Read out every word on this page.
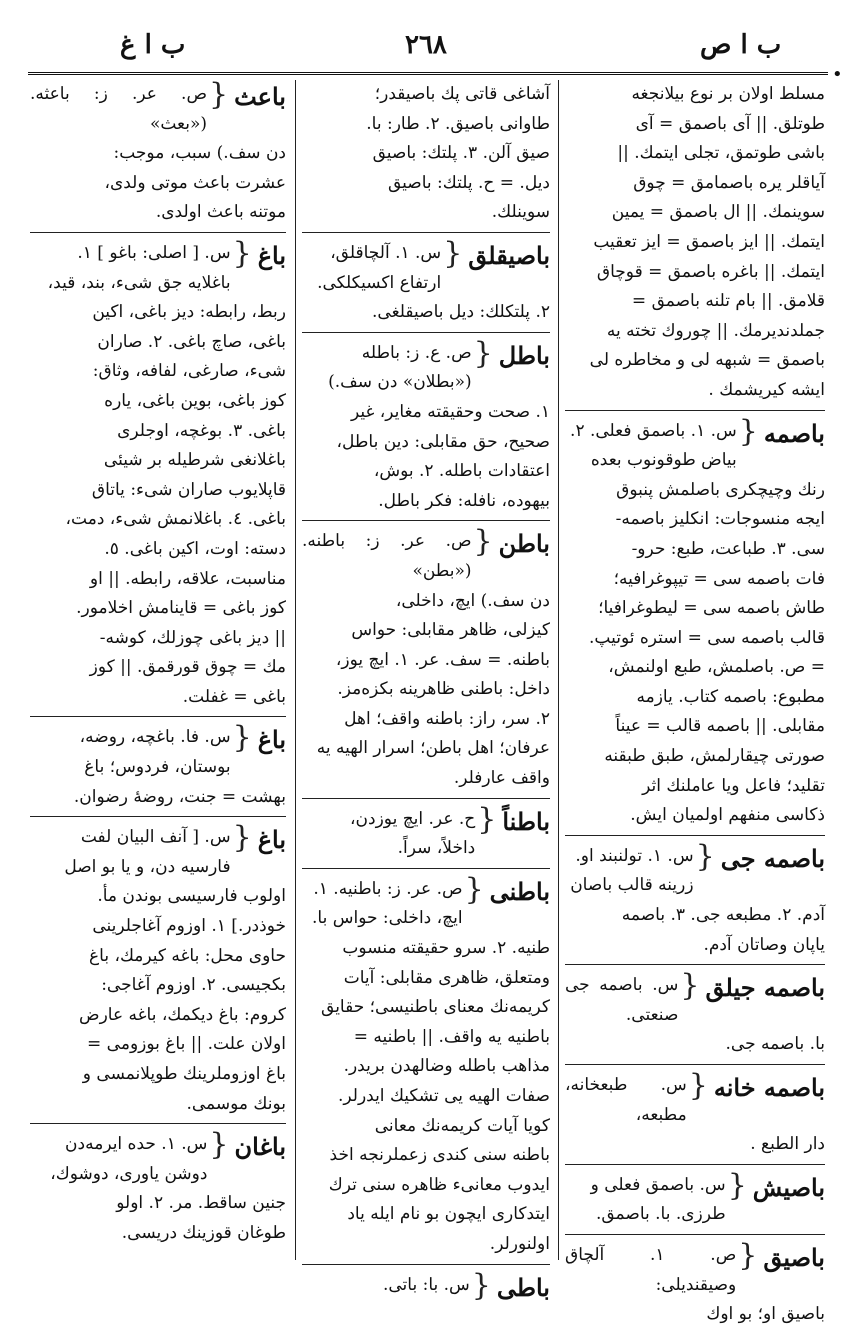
ب ا غ	٢٦٨	ب ا ص
•
مسلط اولان بر نوع بیلانجغه
طوتلق. || آی باصمق = آی
باشی طوتمق، تجلی ایتمك. ||
آیاقلر یره باصمامق = چوق
سوینمك. || ال باصمق = یمین
ایتمك. || ایز باصمق = ایز تعقیب
ایتمك. || باغره باصمق = قوچاق
قلامق. || بام تلنه باصمق =
جملدندیرمك. || چوروك تخته یه
باصمق = شبهه لی و مخاطره لی
ایشه کیریشمك .
باصمه
{
س. ١. باصمق فعلی. ٢.
بیاض طوقونوب بعده
رنك وچیچکری باصلمش پنبوق
ایجه منسوجات: انکلیز باصمه-
سی. ٣. طباعت، طبع: حرو-
فات باصمه سی = تیپوغرافیه؛
طاش باصمه سی = لیطوغرافیا؛
قالب باصمه سی = استره ئوتیپ.
= ص. باصلمش، طبع اولنمش،
مطبوع: باصمه کتاب. یازمه
مقابلی. || باصمه قالب = عیناً
صورتی چیقارلمش، طبق طبقنه
تقلید؛ فاعل ویا عاملنك اثر
ذکاسی منفهم اولمیان ایش.
باصمه جی
{
س. ١. تولنبند او.
زرینه قالب باصان
آدم. ٢. مطبعه جی. ٣. باصمه
یاپان وصاتان آدم.
باصمه جیلق
{
س. باصمه جی صنعتی.
با. باصمه جی.
باصمه خانه
{
س. طبعخانه، مطبعه،
دار الطبع .
باصیش
{
س. باصمق فعلی و
طرزی. با. باصمق.
باصیق
{
ص. ١. آلچاق وصیقندیلی:
باصیق او؛ بو اوك
آشاغی قاتی پك باصیقدر؛
طاوانی باصیق. ٢. طار: با.
صیق آلن. ٣. پلتك: باصیق
دیل. = ح. پلتك: باصیق
سوینلك.
باصیقلق
{
س. ١. آلچاقلق،
ارتفاع اکسیکلکی.
٢. پلتکلك: دیل باصیقلغی.
باطل
{
ص. ع. ز: باطله
(«بطلان» دن سف.)
١. صحت وحقیقته مغایر، غیر
صحیح، حق مقابلی: دین باطل،
اعتقادات باطله. ٢. بوش،
بیهوده، نافله: فکر باطل.
باطن
{
ص. عر. ز: باطنه. («بطن»
دن سف.) ایچ، داخلی،
کیزلی، ظاهر مقابلی: حواس
باطنه. = سف. عر. ١. ایچ یوز،
داخل: باطنی ظاهرینه بکزه‌مز.
٢. سر، راز: باطنه واقف؛ اهل
عرفان؛ اهل باطن؛ اسرار الهیه یه
واقف عارفلر.
باطناً
{
ح. عر. ایچ یوزدن،
داخلاً، سراً.
باطنی
{
ص. عر. ز: باطنیه. ١.
ایچ، داخلی: حواس با.
طنیه. ٢. سرو حقیقته منسوب
ومتعلق، ظاهری مقابلی: آیات
کریمه‌نك معنای باطنیسی؛ حقایق
باطنیه یه واقف. || باطنیه =
مذاهب باطله وضالهدن بریدر.
صفات الهیه یی تشکیك ایدرلر.
کویا آیات کریمه‌نك معانی
باطنه سنی کندی زعملرنجه اخذ
ایدوب معانیء ظاهره سنی ترك
ایتدکاری ایچون بو نام ایله یاد
اولنورلر.
باطی
{
س. با: باتی.
باعث
{
ص. عر. ز: باعثه. («بعث»
دن سف.) سبب، موجب:
عشرت باعث موتی ولدی،
موتنه باعث اولدی.
باغ
{
س. [ اصلی: باغو ] ١.
باغلایه جق شیء، بند، قید،
ربط، رابطه: دیز باغی، اکین
باغی، صاچ باغی. ٢. صاران
شیء، صارغی، لفافه، وثاق:
کوز باغی، بوین باغی، یاره
باغی. ٣. بوغچه، اوجلری
باغلانغی شرطیله بر شیئی
قاپلایوب صاران شیء: یاتاق
باغی. ٤. باغلانمش شیء، دمت،
دسته: اوت، اکین باغی. ٥.
مناسبت، علاقه، رابطه. || او
کوز باغی = قاینامش اخلامور.
|| دیز باغی چوزلك، کوشه-
مك = چوق قورقمق. || کوز
باغی = غفلت.
باغ
{
س. فا. باغچه، روضه،
بوستان، فردوس؛ باغ
بهشت = جنت، روضهٔ رضوان.
باغ
{
س. [ آنف البیان لفت
فارسیه دن، و یا بو اصل
اولوب فارسیسی بوندن مأ.
خوذدر.] ١. اوزوم آغاجلرینی
حاوی محل: باغه کیرمك، باغ
بکجیسی. ٢. اوزوم آغاجی:
کروم: باغ دیکمك، باغه عارض
اولان علت. || باغ بوزومی =
باغ اوزوملرینك طوپلانمسی و
بونك موسمی.
باغان
{
س. ١. حده ایرمه‌دن
دوشن یاوری، دوشوك،
جنین ساقط. مر. ٢. اولو
طوغان قوزینك دریسی.
